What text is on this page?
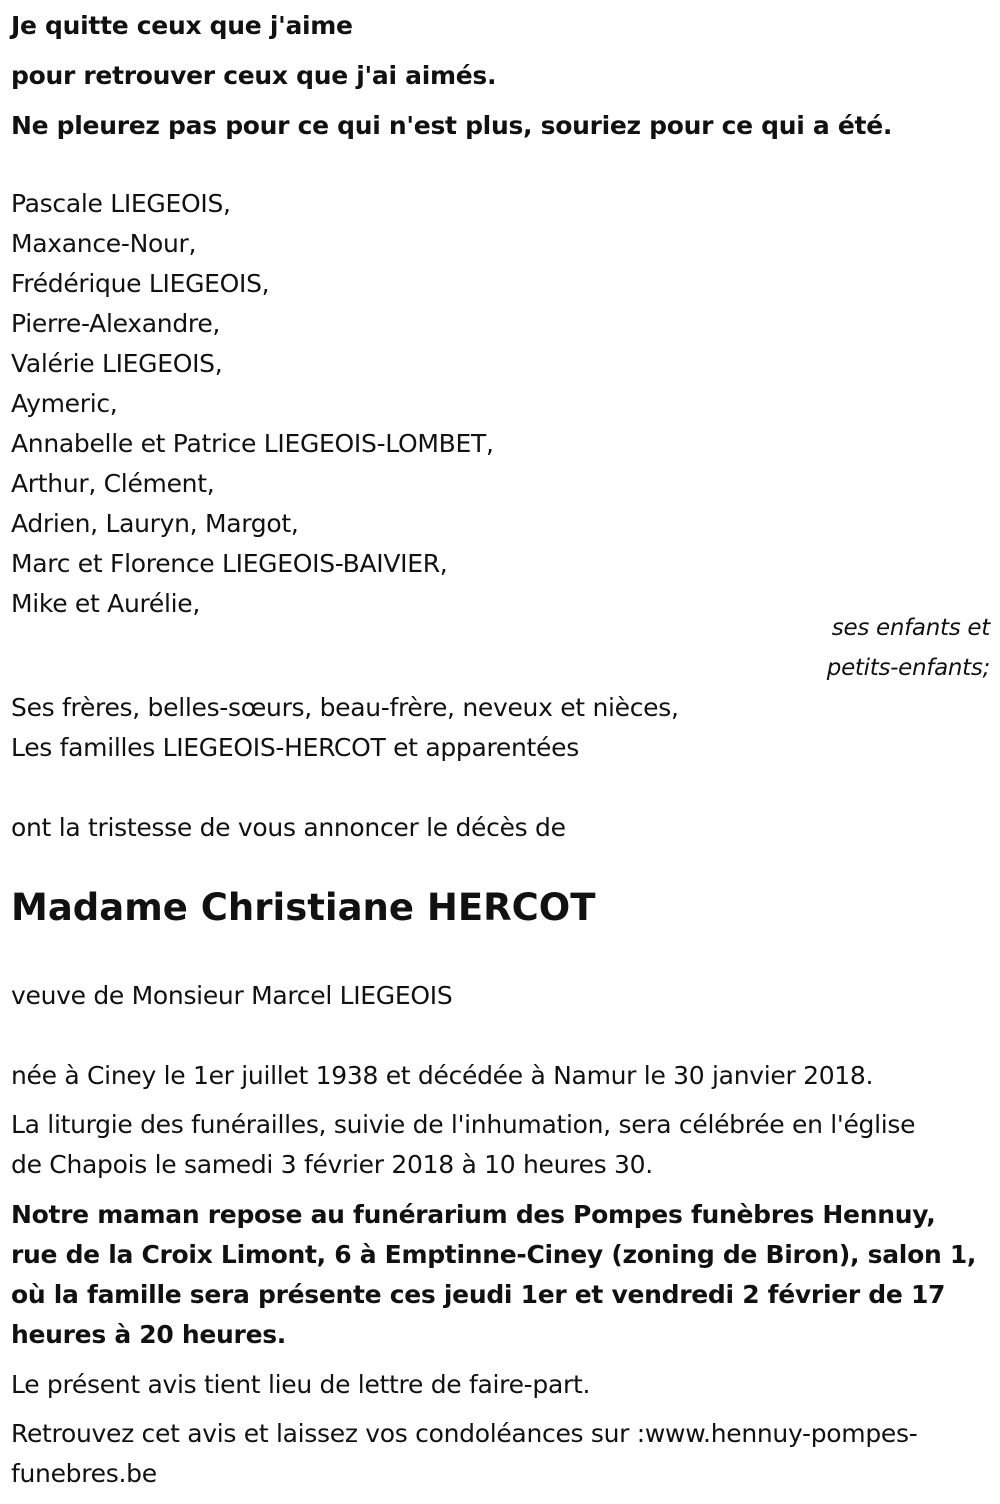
Je quitte ceux que j'aime
pour retrouver ceux que j'ai aimés.
Ne pleurez pas pour ce qui n'est plus, souriez pour ce qui a été.
Pascale LIEGEOIS,
Maxance-Nour,
Frédérique LIEGEOIS,
Pierre-Alexandre,
Valérie LIEGEOIS,
Aymeric,
Annabelle et Patrice LIEGEOIS-LOMBET,
Arthur, Clément,
Adrien, Lauryn, Margot,
Marc et Florence LIEGEOIS-BAIVIER,
Mike et Aurélie,
ses enfants et
petits-enfants;
Ses frères, belles-sœurs, beau-frère, neveux et nièces,
Les familles LIEGEOIS-HERCOT et apparentées
ont la tristesse de vous annoncer le décès de
Madame Christiane HERCOT
veuve de Monsieur Marcel LIEGEOIS
née à Ciney le 1er juillet 1938 et décédée à Namur le 30 janvier 2018.
La liturgie des funérailles, suivie de l'inhumation, sera célébrée en l'église
de Chapois le samedi 3 février 2018 à 10 heures 30.
Notre maman repose au funérarium des Pompes funèbres Hennuy,
rue de la Croix Limont, 6 à Emptinne-Ciney (zoning de Biron), salon 1,
où la famille sera présente ces jeudi 1er et vendredi 2 février de 17
heures à 20 heures.
Le présent avis tient lieu de lettre de faire-part.
Retrouvez cet avis et laissez vos condoléances sur :www.hennuy-pompes-
funebres.be
